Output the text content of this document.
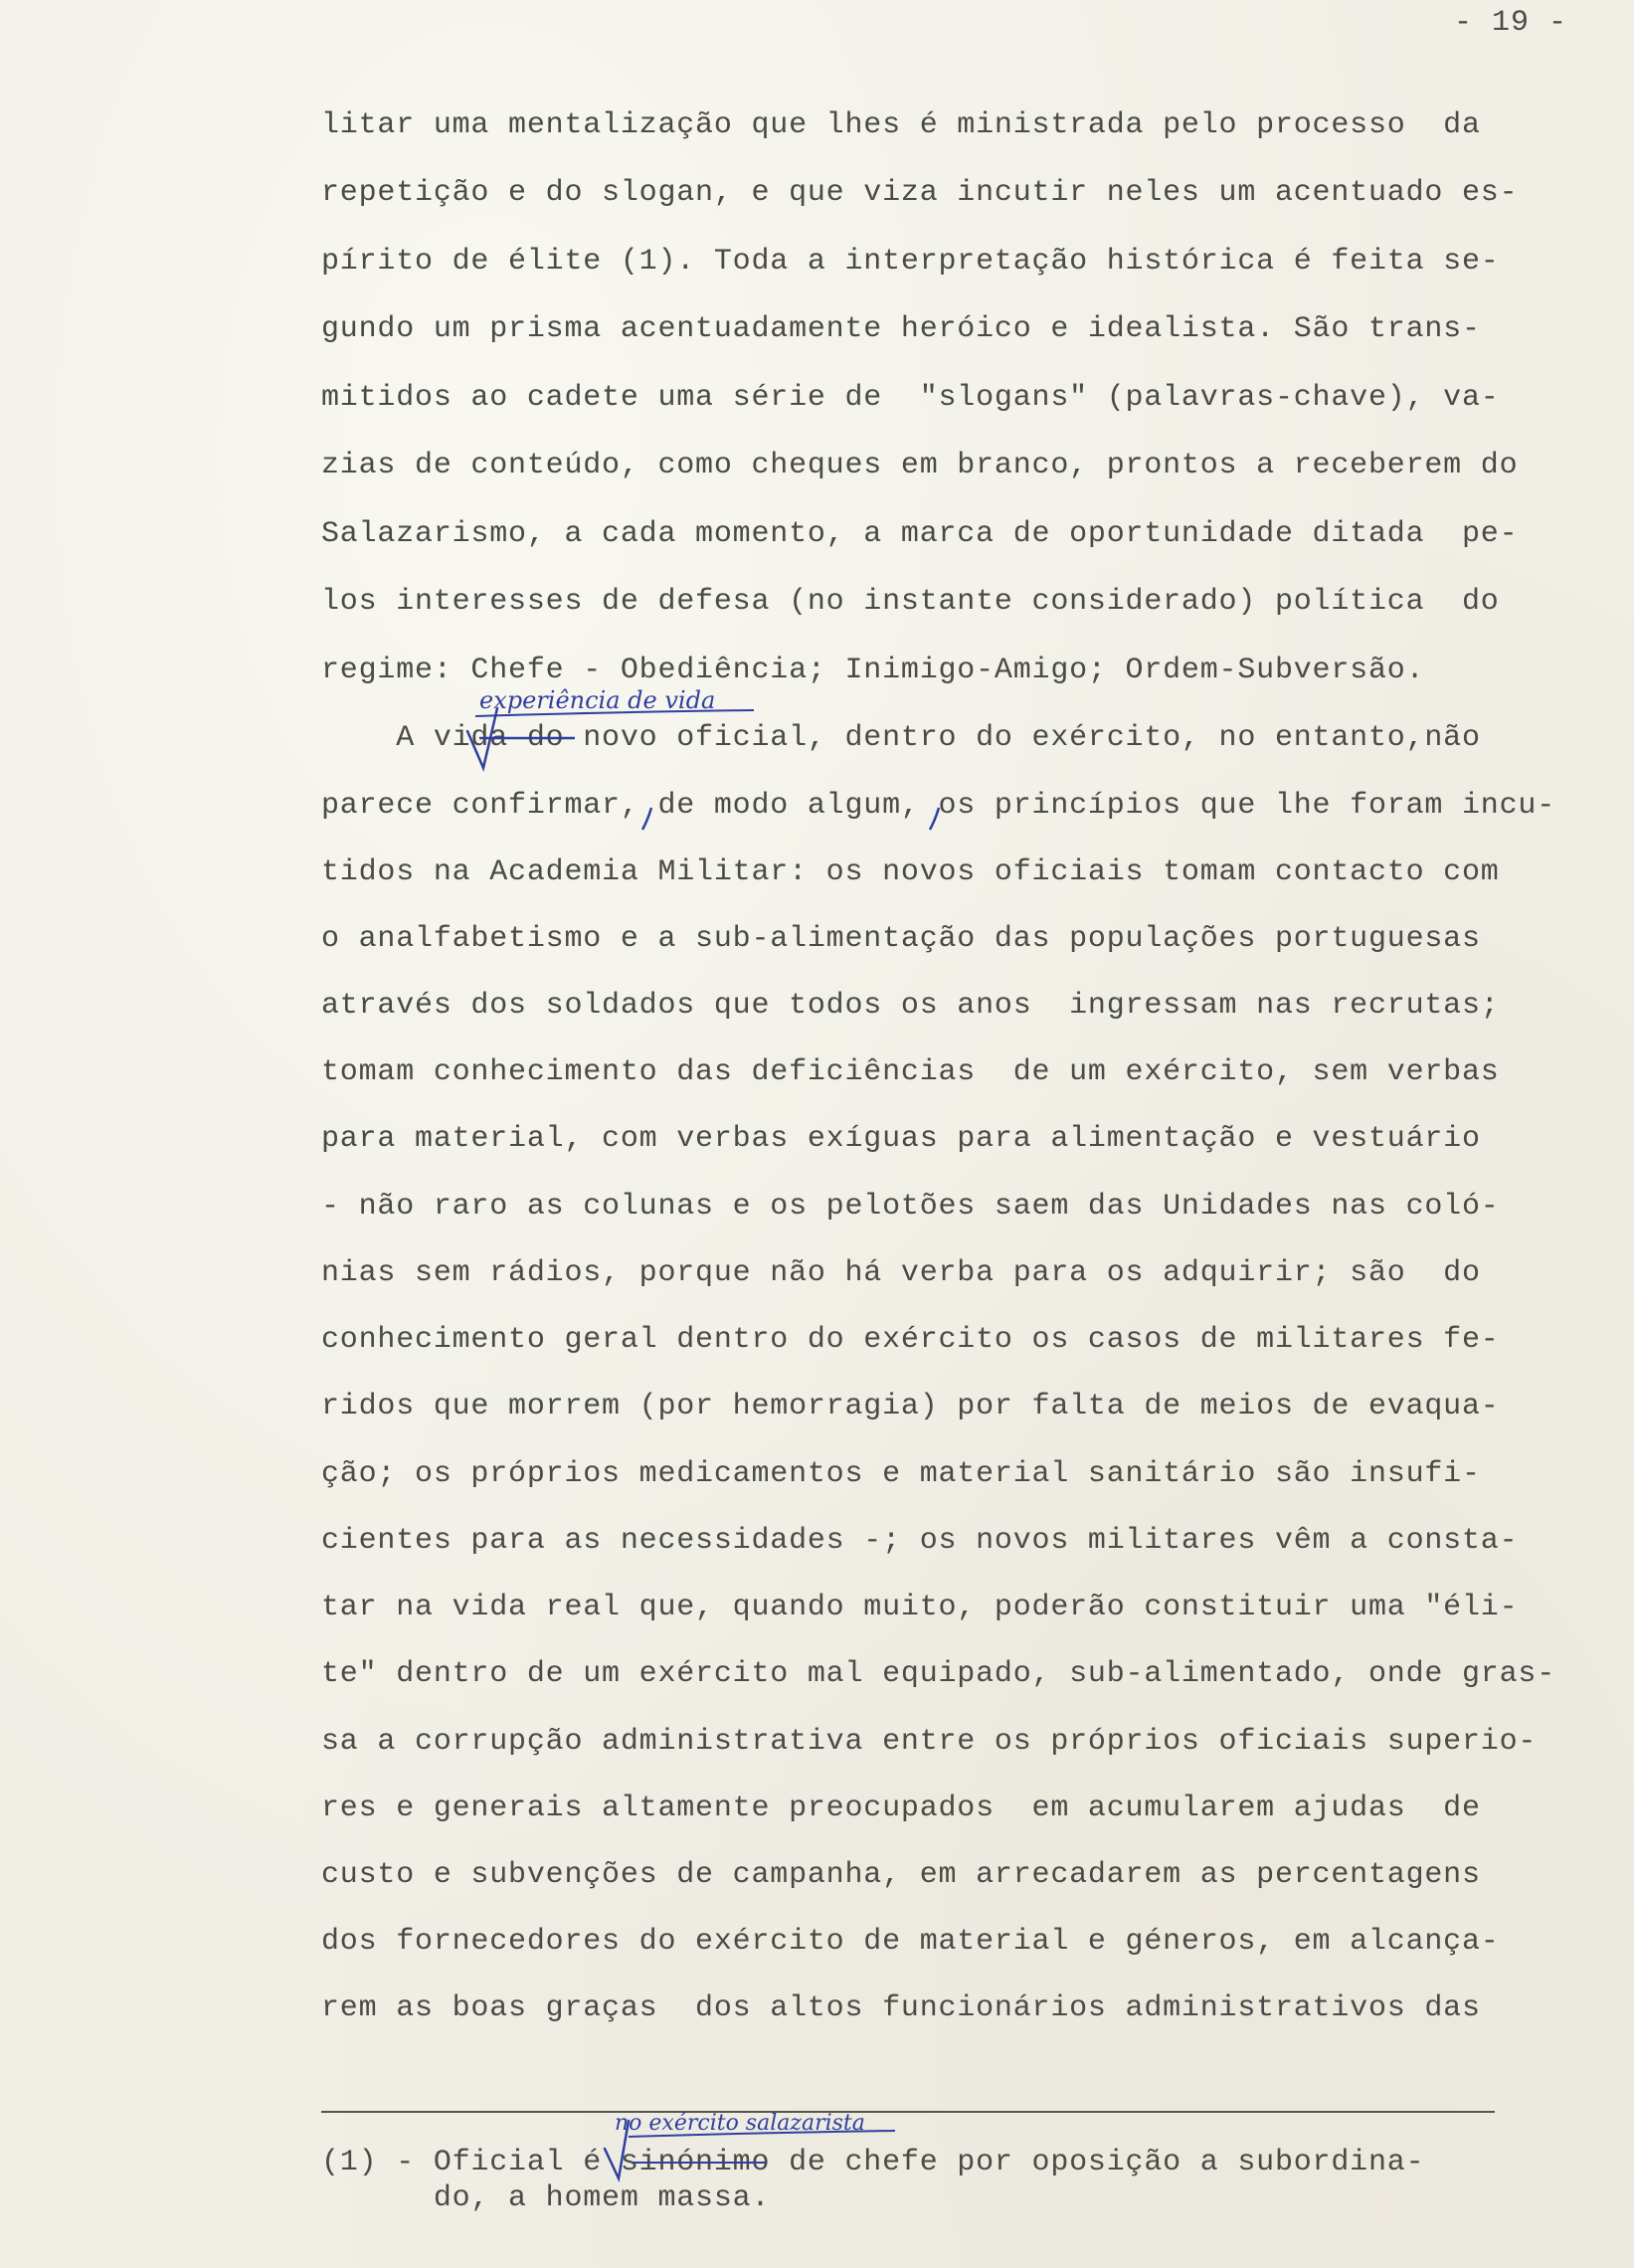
- 19 -
litar uma mentalização que lhes é ministrada pelo processo  da
repetição e do slogan, e que viza incutir neles um acentuado es-
pírito de élite (1). Toda a interpretação histórica é feita se-
gundo um prisma acentuadamente heróico e idealista. São trans-
mitidos ao cadete uma série de  "slogans" (palavras-chave), va-
zias de conteúdo, como cheques em branco, prontos a receberem do
Salazarismo, a cada momento, a marca de oportunidade ditada  pe-
los interesses de defesa (no instante considerado) política  do
regime: Chefe - Obediência; Inimigo-Amigo; Ordem-Subversão.
A vida do novo oficial, dentro do exército, no entanto,não
parece confirmar, de modo algum, os princípios que lhe foram incu-
tidos na Academia Militar: os novos oficiais tomam contacto com
o analfabetismo e a sub-alimentação das populações portuguesas
através dos soldados que todos os anos  ingressam nas recrutas;
tomam conhecimento das deficiências  de um exército, sem verbas
para material, com verbas exíguas para alimentação e vestuário
- não raro as colunas e os pelotões saem das Unidades nas coló-
nias sem rádios, porque não há verba para os adquirir; são  do
conhecimento geral dentro do exército os casos de militares fe-
ridos que morrem (por hemorragia) por falta de meios de evaqua-
ção; os próprios medicamentos e material sanitário são insufi-
cientes para as necessidades -; os novos militares vêm a consta-
tar na vida real que, quando muito, poderão constituir uma "éli-
te" dentro de um exército mal equipado, sub-alimentado, onde gras-
sa a corrupção administrativa entre os próprios oficiais superio-
res e generais altamente preocupados  em acumularem ajudas  de
custo e subvenções de campanha, em arrecadarem as percentagens
dos fornecedores do exército de material e géneros, em alcança-
rem as boas graças  dos altos funcionários administrativos das
(1) - Oficial é sinónimo de chefe por oposição a subordina-
do, a homem massa.
experiência de vida
no exército salazarista
